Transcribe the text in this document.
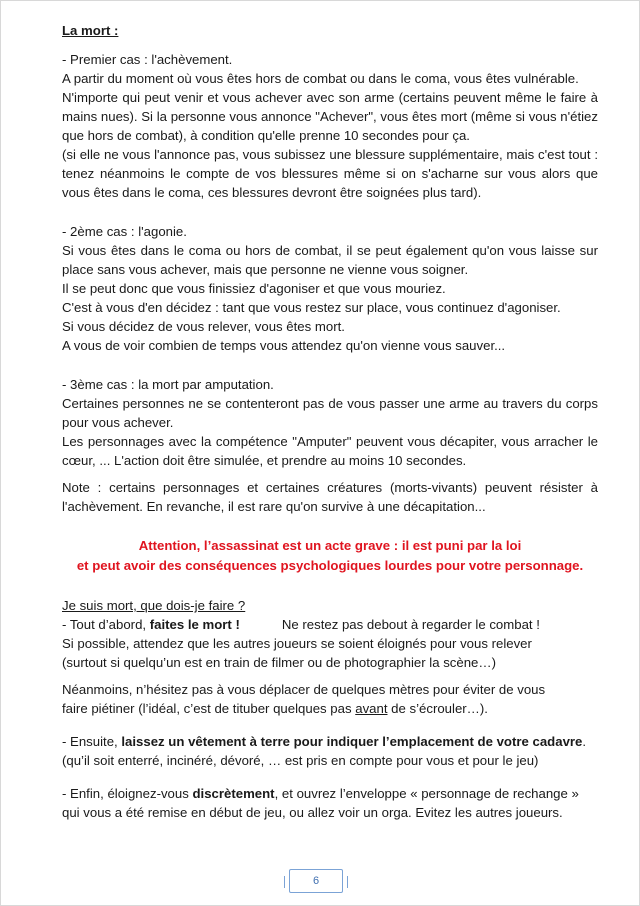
La mort :

- Premier cas : l'achèvement.

A partir du moment où vous êtes hors de combat ou dans le coma, vous êtes vulnérable.

N'importe qui peut venir et vous achever avec son arme (certains peuvent même le faire à mains nues). Si la personne vous annonce "Achever", vous êtes mort (même si vous n'étiez que hors de combat), à condition qu'elle prenne 10 secondes pour ça.

(si elle ne vous l'annonce pas, vous subissez une blessure supplémentaire, mais c'est tout : tenez néanmoins le compte de vos blessures même si on s'acharne sur vous alors que vous êtes dans le coma, ces blessures devront être soignées plus tard).

- 2ème cas : l'agonie.

Si vous êtes dans le coma ou hors de combat, il se peut également qu'on vous laisse sur place sans vous achever, mais que personne ne vienne vous soigner.

Il se peut donc que vous finissiez d'agoniser et que vous mouriez.

C'est à vous d'en décidez : tant que vous restez sur place, vous continuez d'agoniser.

Si vous décidez de vous relever, vous êtes mort.

A vous de voir combien de temps vous attendez qu'on vienne vous sauver...

- 3ème cas : la mort par amputation.

Certaines personnes ne se contenteront pas de vous passer une arme au travers du corps pour vous achever.

Les personnages avec la compétence "Amputer" peuvent vous décapiter, vous arracher le cœur, ... L'action doit être simulée, et prendre au moins 10 secondes.

Note : certains personnages et certaines créatures (morts-vivants) peuvent résister à l'achèvement. En revanche, il est rare qu'on survive à une décapitation...

Attention, l’assassinat est un acte grave : il est puni par la loi

et peut avoir des conséquences psychologiques lourdes pour votre personnage.

Je suis mort, que dois-je faire ?

- Tout d’abord, faites le mort !	Ne restez pas debout à regarder le combat !

Si possible, attendez que les autres joueurs se soient éloignés pour vous relever

(surtout si quelqu’un est en train de filmer ou de photographier la scène…)

Néanmoins, n’hésitez pas à vous déplacer de quelques mètres pour éviter de vous

faire piétiner (l’idéal, c’est de tituber quelques pas avant de s’écrouler…).

- Ensuite, laissez un vêtement à terre pour indiquer l’emplacement de votre cadavre.

(qu’il soit enterré, incinéré, dévoré, … est pris en compte pour vous et pour le jeu)

- Enfin, éloignez-vous discrètement, et ouvrez l’enveloppe « personnage de rechange »

qui vous a été remise en début de jeu, ou allez voir un orga. Evitez les autres joueurs.

6
